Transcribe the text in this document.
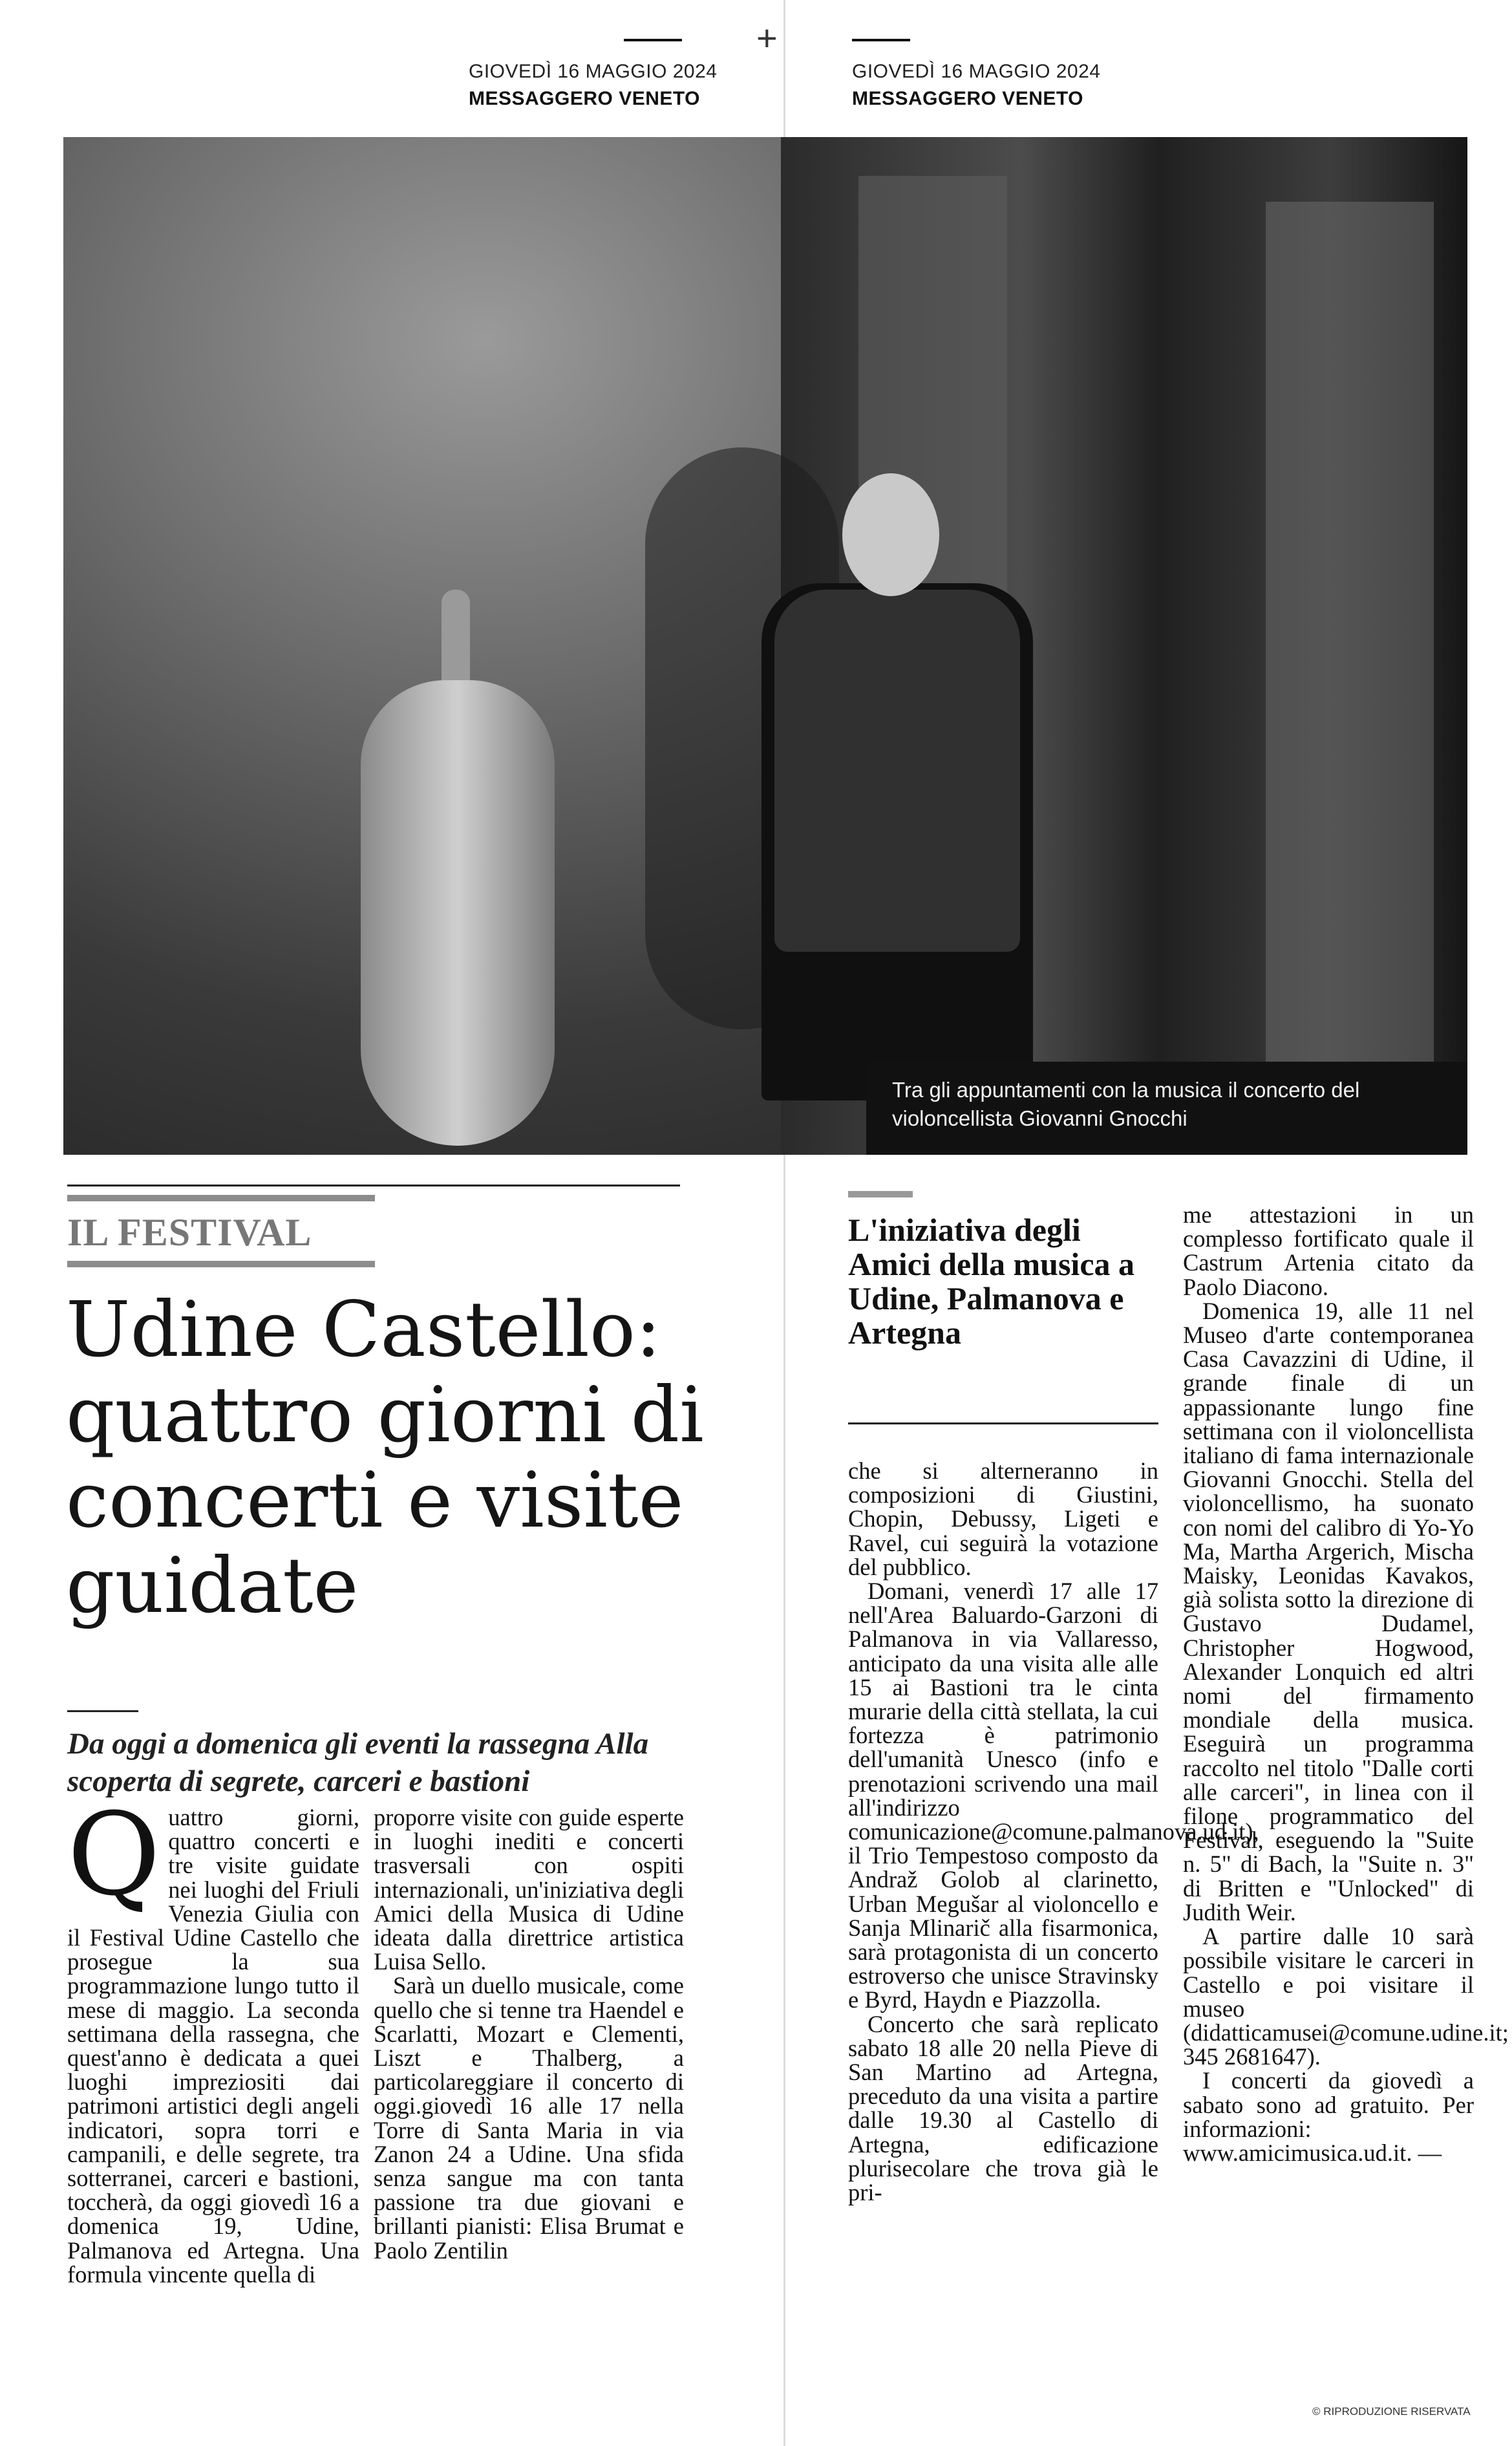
+
GIOVEDÌ 16 MAGGIO 2024
MESSAGGERO VENETO
GIOVEDÌ 16 MAGGIO 2024
MESSAGGERO VENETO
Tra gli appuntamenti con la musica il concerto del violoncellista Giovanni Gnocchi
IL FESTIVAL
Udine Castello: quattro giorni di concerti e visite guidate
Da oggi a domenica gli eventi la rassegna Alla scoperta di segrete, carceri e bastioni

Quattro giorni, quattro concerti e tre visite guidate nei luoghi del Friuli Venezia Giulia con il Festival Udine Castello che prosegue la sua programmazione lungo tutto il mese di maggio. La seconda settimana della rassegna, che quest'anno è dedicata a quei luoghi impreziositi dai patrimoni artistici degli angeli indicatori, sopra torri e campanili, e delle segrete, tra sotterranei, carceri e bastioni, toccherà, da oggi giovedì 16 a domenica 19, Udine, Palmanova ed Artegna. Una formula vincente quella di

proporre visite con guide esperte in luoghi inediti e concerti trasversali con ospiti internazionali, un'iniziativa degli Amici della Musica di Udine ideata dalla direttrice artistica Luisa Sello.

Sarà un duello musicale, come quello che si tenne tra Haendel e Scarlatti, Mozart e Clementi, Liszt e Thalberg, a particolareggiare il concerto di oggi.giovedì 16 alle 17 nella Torre di Santa Maria in via Zanon 24 a Udine. Una sfida senza sangue ma con tanta passione tra due giovani e brillanti pianisti: Elisa Brumat e Paolo Zentilin

L'iniziativa degli Amici della musica a Udine, Palmanova e Artegna

che si alterneranno in composizioni di Giustini, Chopin, Debussy, Ligeti e Ravel, cui seguirà la votazione del pubblico.

Domani, venerdì 17 alle 17 nell'Area Baluardo-Garzoni di Palmanova in via Vallaresso, anticipato da una visita alle alle 15 ai Bastioni tra le cinta murarie della città stellata, la cui fortezza è patrimonio dell'umanità Unesco (info e prenotazioni scrivendo una mail all'indirizzo comunicazione@comune.palmanova.ud.it), il Trio Tempestoso composto da Andraž Golob al clarinetto, Urban Megušar al violoncello e Sanja Mlinarič alla fisarmonica, sarà protagonista di un concerto estroverso che unisce Stravinsky e Byrd, Haydn e Piazzolla.

Concerto che sarà replicato sabato 18 alle 20 nella Pieve di San Martino ad Artegna, preceduto da una visita a partire dalle 19.30 al Castello di Artegna, edificazione plurisecolare che trova già le pri-

me attestazioni in un complesso fortificato quale il Castrum Artenia citato da Paolo Diacono.

Domenica 19, alle 11 nel Museo d'arte contemporanea Casa Cavazzini di Udine, il grande finale di un appassionante lungo fine settimana con il violoncellista italiano di fama internazionale Giovanni Gnocchi. Stella del violoncellismo, ha suonato con nomi del calibro di Yo-Yo Ma, Martha Argerich, Mischa Maisky, Leonidas Kavakos, già solista sotto la direzione di Gustavo Dudamel, Christopher Hogwood, Alexander Lonquich ed altri nomi del firmamento mondiale della musica. Eseguirà un programma raccolto nel titolo "Dalle corti alle carceri", in linea con il filone programmatico del Festival, eseguendo la "Suite n. 5" di Bach, la "Suite n. 3" di Britten e "Unlocked" di Judith Weir.

A partire dalle 10 sarà possibile visitare le carceri in Castello e poi visitare il museo (didatticamusei@comune.udine.it; 345 2681647).

I concerti da giovedì a sabato sono ad gratuito. Per informazioni: www.amicimusica.ud.it. —

© RIPRODUZIONE RISERVATA
